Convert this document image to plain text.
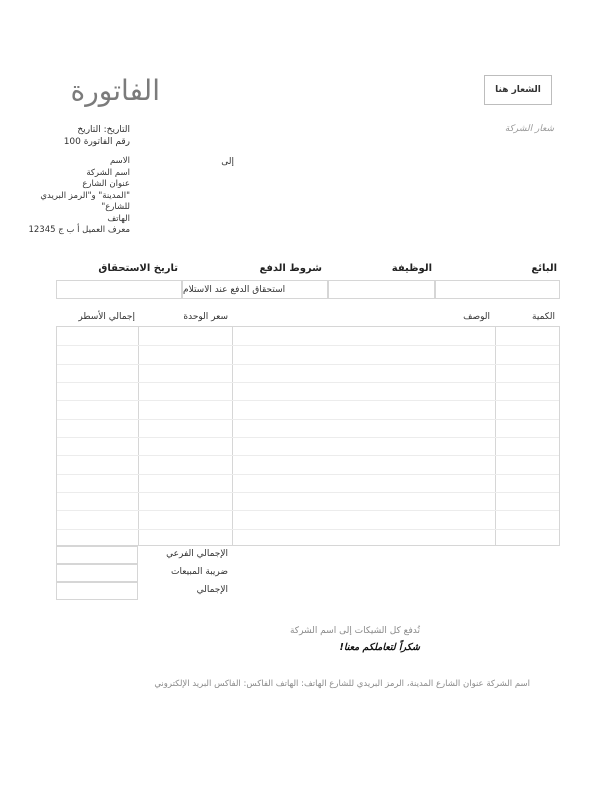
الشعار هنا
الفاتورة
شعار الشركة
التاريخ: التاريخ
رقم الفاتورة 100
إلى
الاسم
اسم الشركة
عنوان الشارع
"المدينة" و"الرمز البريدي للشارع"
الهاتف
معرف العميل أ ب ج 12345
البائع
الوظيفة
شروط الدفع
تاريخ الاستحقاق
استحقاق الدفع عند الاستلام
الكمية
الوصف
سعر الوحدة
إجمالي الأسطر
الإجمالي الفرعي
ضريبة المبيعات
الإجمالي
تُدفع كل الشيكات إلى اسم الشركة
شكراً لتعاملكم معنا!
اسم الشركة عنوان الشارع المدينة، الرمز البريدي للشارع الهاتف: الهاتف الفاكس: الفاكس البريد الإلكتروني
